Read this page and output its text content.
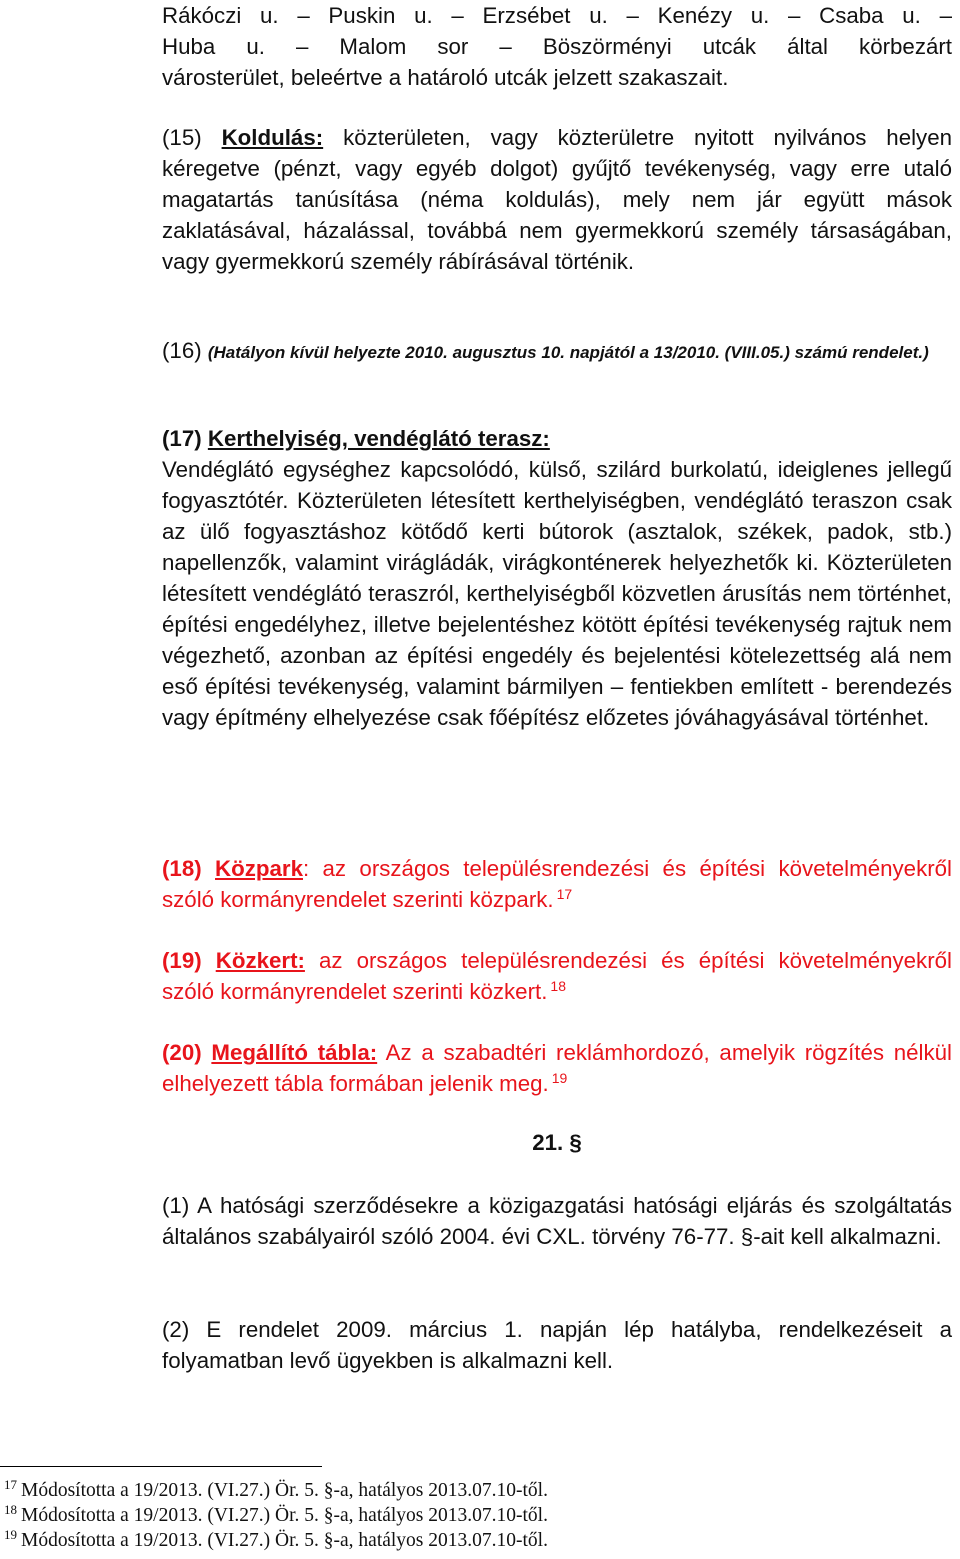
Rákóczi u. – Puskin u. – Erzsébet u. – Kenézy u. – Csaba u. –
Huba u. – Malom sor – Böszörményi utcák által körbezárt
városterület, beleértve a határoló utcák jelzett szakaszait.
(15) Koldulás: közterületen, vagy közterületre nyitott nyilvános helyen kéregetve (pénzt, vagy egyéb dolgot) gyűjtő tevékenység, vagy erre utaló magatartás tanúsítása (néma koldulás), mely nem jár együtt mások zaklatásával, házalással, továbbá nem gyermekkorú személy társaságában, vagy gyermekkorú személy rábírásával történik.
(16) (Hatályon kívül helyezte 2010. augusztus 10. napjától a 13/2010. (VIII.05.) számú rendelet.)
(17) Kerthelyiség, vendéglátó terasz:
Vendéglátó egységhez kapcsolódó, külső, szilárd burkolatú, ideiglenes jellegű fogyasztótér. Közterületen létesített kerthelyiségben, vendéglátó teraszon csak az ülő fogyasztáshoz kötődő kerti bútorok (asztalok, székek, padok, stb.) napellenzők, valamint virágládák, virágkonténerek helyezhetők ki. Közterületen létesített vendéglátó teraszról, kerthelyiségből közvetlen árusítás nem történhet, építési engedélyhez, illetve bejelentéshez kötött építési tevékenység rajtuk nem végezhető, azonban az építési engedély és bejelentési kötelezettség alá nem eső építési tevékenység, valamint bármilyen – fentiekben említett - berendezés vagy építmény elhelyezése csak főépítész előzetes jóváhagyásával történhet.
(18) Közpark: az országos településrendezési és építési követelményekről szóló kormányrendelet szerinti közpark. $^{17}$
(19) Közkert: az országos településrendezési és építési követelményekről szóló kormányrendelet szerinti közkert. $^{18}$
(20) Megállító tábla: Az a szabadtéri reklámhordozó, amelyik rögzítés nélkül elhelyezett tábla formában jelenik meg. $^{19}$
21. §
(1) A hatósági szerződésekre a közigazgatási hatósági eljárás és szolgáltatás általános szabályairól szóló 2004. évi CXL. törvény 76-77. §-ait kell alkalmazni.
(2) E rendelet 2009. március 1. napján lép hatályba, rendelkezéseit a folyamatban levő ügyekben is alkalmazni kell.
$^{17}$ Módosította a 19/2013. (VI.27.) Ör. 5. §-a, hatályos 2013.07.10-től.
$^{18}$ Módosította a 19/2013. (VI.27.) Ör. 5. §-a, hatályos 2013.07.10-től.
$^{19}$ Módosította a 19/2013. (VI.27.) Ör. 5. §-a, hatályos 2013.07.10-től.
